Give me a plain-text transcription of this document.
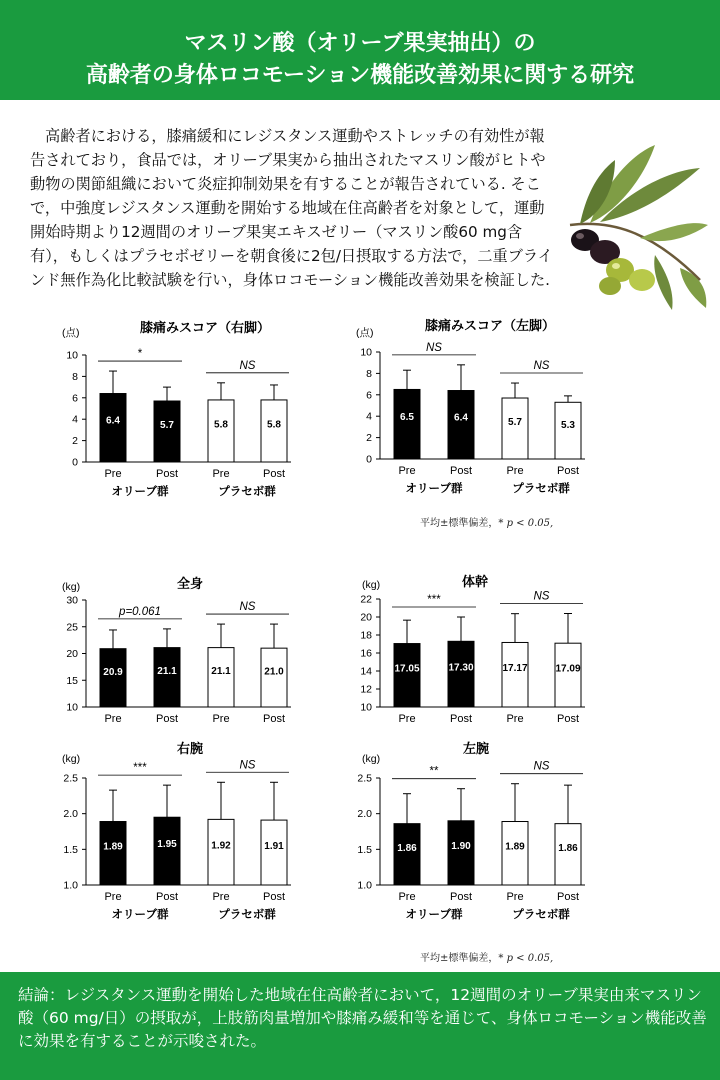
マスリン酸（オリーブ果実抽出）の
高齢者の身体ロコモーション機能改善効果に関する研究
高齢者における，膝痛緩和にレジスタンス運動やストレッチの有効性が報告されており，食品では，オリーブ果実から抽出されたマスリン酸がヒトや動物の関節組織において炎症抑制効果を有することが報告されている. そこで，中強度レジスタンス運動を開始する地域在住高齢者を対象として，運動開始時期より12週間のオリーブ果実エキスゼリー（マスリン酸60 mg含有），もしくはプラセボゼリーを朝食後に2包/日摂取する方法で，二重ブラインド無作為化比較試験を行い，身体ロコモーション機能改善効果を検証した.
膝痛みスコア（右脚）
(点)
0
2
4
6
8
10
6.4
Pre
5.7
Post
5.8
Pre
5.8
Post
*
NS
オリーブ群	プラセボ群
膝痛みスコア（左脚）
(点)
0
2
4
6
8
10
6.5
Pre
6.4
Post
5.7
Pre
5.3
Post
NS
NS
オリーブ群	プラセボ群
全身
(kg)
10
15
20
25
30
20.9
Pre
21.1
Post
21.1
Pre
21.0
Post
p=0.061	NS
体幹
(kg)
10
12
14
16
18
20
22
17.05
Pre
17.30
Post
17.17
Pre
17.09
Post
***	NS
右腕
(kg)
1.0
1.5
2.0
2.5
1.89
Pre
1.95
Post
1.92
Pre
1.91
Post
***	NS
オリーブ群	プラセボ群
左腕
(kg)
1.0
1.5
2.0
2.5
1.86
Pre
1.90
Post
1.89
Pre
1.86
Post
**	NS
オリーブ群	プラセボ群
平均±標準偏差，* p < 0.05,
平均±標準偏差，* p < 0.05,

結論：レジスタンス運動を開始した地域在住高齢者において，12週間のオリーブ果実由来マスリン酸（60 mg/日）の摂取が，上肢筋肉量増加や膝痛み緩和等を通じて、身体ロコモーション機能改善に効果を有することが示唆された。
